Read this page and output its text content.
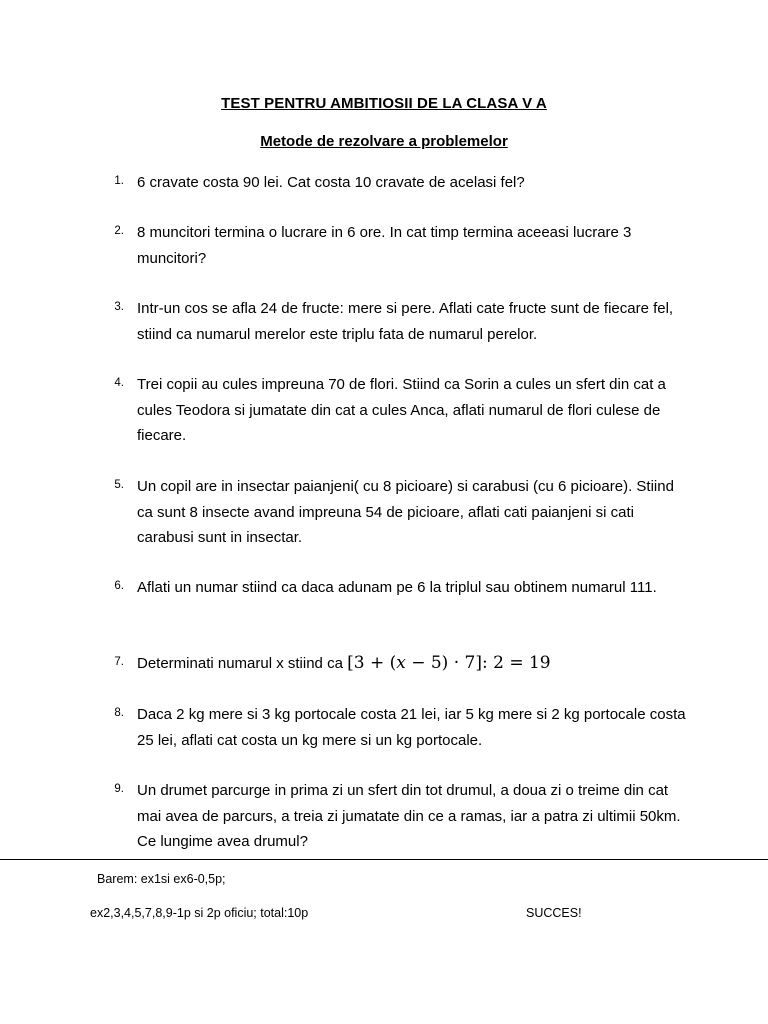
TEST PENTRU AMBITIOSII DE LA CLASA V A
Metode de rezolvare a problemelor
1. 6 cravate costa 90 lei. Cat costa 10 cravate de acelasi fel?
2. 8 muncitori termina o lucrare in 6 ore. In cat timp termina aceeasi lucrare 3 muncitori?
3. Intr-un cos se afla 24 de fructe: mere si pere. Aflati cate fructe sunt de fiecare fel, stiind ca numarul merelor este triplu fata de numarul perelor.
4. Trei copii au cules impreuna 70 de flori. Stiind ca Sorin a cules un sfert din cat a cules Teodora si jumatate din cat a cules Anca, aflati numarul de flori culese de fiecare.
5. Un copil are in insectar paianjeni( cu 8 picioare) si carabusi (cu 6 picioare). Stiind ca sunt 8 insecte avand impreuna 54 de picioare, aflati cati paianjeni si cati carabusi sunt in insectar.
6. Aflati un numar stiind ca daca adunam pe 6 la triplul sau obtinem numarul 111.
7. Determinati numarul x stiind ca [3 + (𝑥 − 5) · 7]: 2 = 19
8. Daca 2 kg mere si 3 kg portocale costa 21 lei, iar 5 kg mere si 2 kg portocale costa 25 lei, aflati cat costa un kg mere si un kg portocale.
9. Un drumet parcurge in prima zi un sfert din tot drumul, a doua zi o treime din cat mai avea de parcurs, a treia zi jumatate din ce a ramas, iar a patra zi ultimii 50km. Ce lungime avea drumul?
Barem: ex1si ex6-0,5p;
ex2,3,4,5,7,8,9-1p si 2p oficiu; total:10p	SUCCES!
